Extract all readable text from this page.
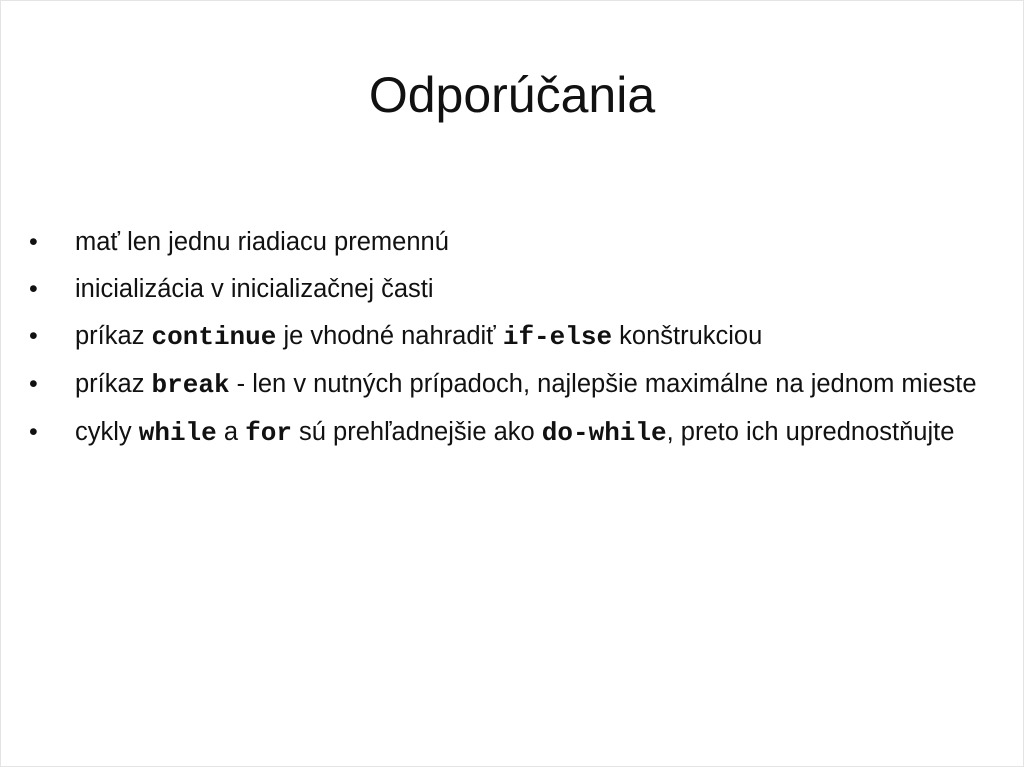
Odporúčania
•	mať len jednu riadiacu premennú
•	inicializácia v inicializačnej časti
•	príkaz continue je vhodné nahradiť if-else konštrukciou
•	príkaz break - len v nutných prípadoch, najlepšie maximálne na jednom mieste
•	cykly while a for sú prehľadnejšie ako do-while, preto ich uprednostňujte
